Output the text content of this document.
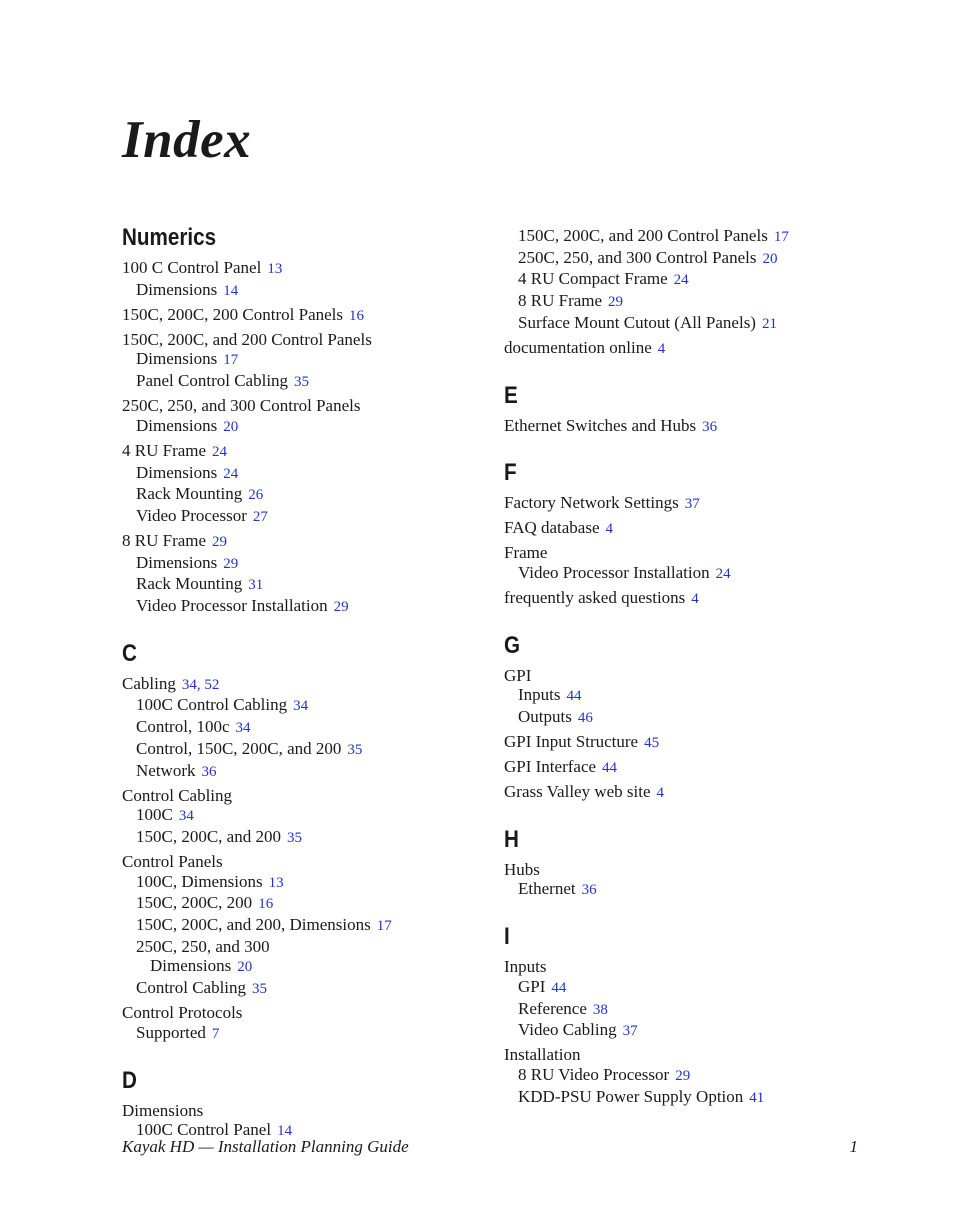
Index
Numerics
100 C Control Panel 13
Dimensions 14
150C, 200C, 200 Control Panels 16
150C, 200C, and 200 Control Panels
Dimensions 17
Panel Control Cabling 35
250C, 250, and 300 Control Panels
Dimensions 20
4 RU Frame 24
Dimensions 24
Rack Mounting 26
Video Processor 27
8 RU Frame 29
Dimensions 29
Rack Mounting 31
Video Processor Installation 29
C
Cabling 34, 52
100C Control Cabling 34
Control, 100c 34
Control, 150C, 200C, and 200 35
Network 36
Control Cabling
100C 34
150C, 200C, and 200 35
Control Panels
100C, Dimensions 13
150C, 200C, 200 16
150C, 200C, and 200, Dimensions 17
250C, 250, and 300
Dimensions 20
Control Cabling 35
Control Protocols
Supported 7
D
Dimensions
100C Control Panel 14
150C, 200C, and 200 Control Panels 17
250C, 250, and 300 Control Panels 20
4 RU Compact Frame 24
8 RU Frame 29
Surface Mount Cutout (All Panels) 21
documentation online 4
E
Ethernet Switches and Hubs 36
F
Factory Network Settings 37
FAQ database 4
Frame
Video Processor Installation 24
frequently asked questions 4
G
GPI
Inputs 44
Outputs 46
GPI Input Structure 45
GPI Interface 44
Grass Valley web site 4
H
Hubs
Ethernet 36
I
Inputs
GPI 44
Reference 38
Video Cabling 37
Installation
8 RU Video Processor 29
KDD-PSU Power Supply Option 41
Kayak HD — Installation Planning Guide	1
